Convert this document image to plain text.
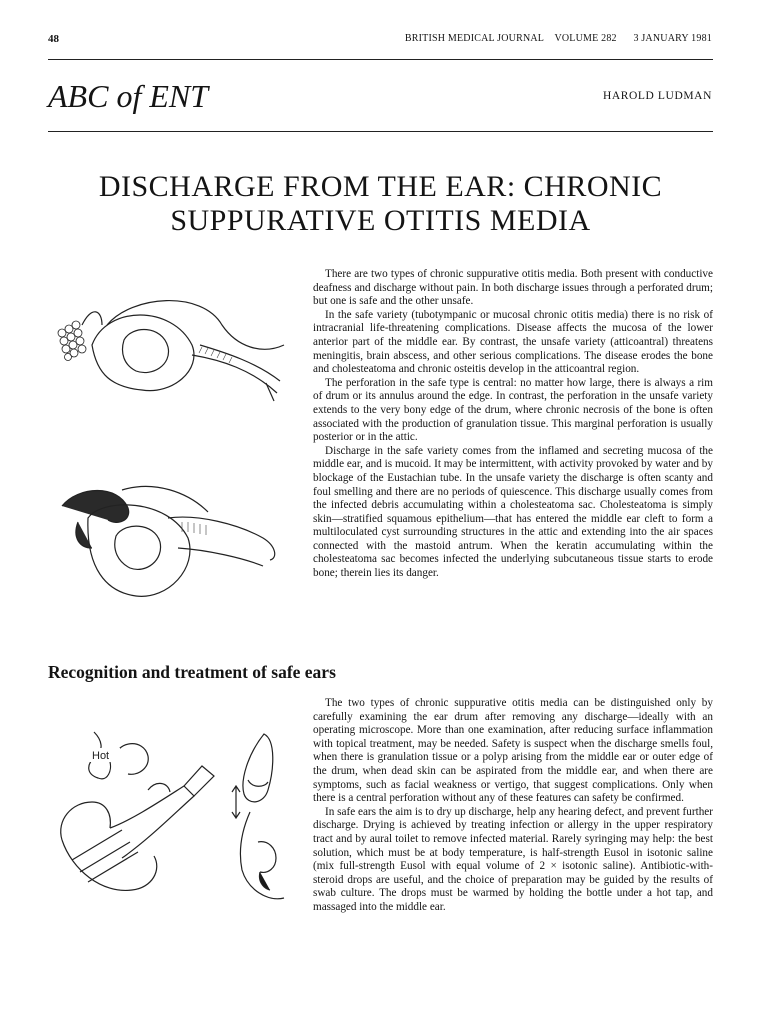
48	BRITISH MEDICAL JOURNAL VOLUME 282 3 JANUARY 1981
ABC of ENT	HAROLD LUDMAN
DISCHARGE FROM THE EAR: CHRONIC
SUPPURATIVE OTITIS MEDIA
Hot

There are two types of chronic suppurative otitis media. Both present with conductive deafness and discharge without pain. In both discharge issues through a perforated drum; but one is safe and the other unsafe.

In the safe variety (tubotympanic or mucosal chronic otitis media) there is no risk of intracranial life-threatening complications. Disease affects the mucosa of the lower anterior part of the middle ear. By contrast, the unsafe variety (atticoantral) threatens meningitis, brain abscess, and other serious complications. The disease erodes the bone and cholesteatoma and chronic osteitis develop in the atticoantral region.

The perforation in the safe type is central: no matter how large, there is always a rim of drum or its annulus around the edge. In contrast, the perforation in the unsafe variety extends to the very bony edge of the drum, where chronic necrosis of the bone is often associated with the production of granulation tissue. This marginal perforation is usually posterior or in the attic.

Discharge in the safe variety comes from the inflamed and secreting mucosa of the middle ear, and is mucoid. It may be intermittent, with activity provoked by water and by blockage of the Eustachian tube. In the unsafe variety the discharge is often scanty and foul smelling and there are no periods of quiescence. This discharge usually comes from the infected debris accumulating within a cholesteatoma sac. Cholesteatoma is simply skin—stratified squamous epithelium—that has entered the middle ear cleft to form a multiloculated cyst surrounding structures in the attic and extending into the air spaces connected with the mastoid antrum. When the keratin accumulating within the cholesteatoma sac becomes infected the underlying subcutaneous tissue starts to erode bone; therein lies its danger.

Recognition and treatment of safe ears

The two types of chronic suppurative otitis media can be distinguished only by carefully examining the ear drum after removing any discharge—ideally with an operating microscope. More than one examination, after reducing surface inflammation with topical treatment, may be needed. Safety is suspect when the discharge smells foul, when there is granulation tissue or a polyp arising from the middle ear or outer edge of the drum, when dead skin can be aspirated from the middle ear, and when there are symptoms, such as facial weakness or vertigo, that suggest complications. Only when there is a central perforation without any of these features can safety be confirmed.

In safe ears the aim is to dry up discharge, help any hearing defect, and prevent further discharge. Drying is achieved by treating infection or allergy in the upper respiratory tract and by aural toilet to remove infected material. Rarely syringing may help: the best solution, which must be at body temperature, is half-strength Eusol in isotonic saline (mix full-strength Eusol with equal volume of 2 × isotonic saline). Antibiotic-with-steroid drops are useful, and the choice of preparation may be guided by the results of swab culture. The drops must be warmed by holding the bottle under a hot tap, and massaged into the middle ear.
